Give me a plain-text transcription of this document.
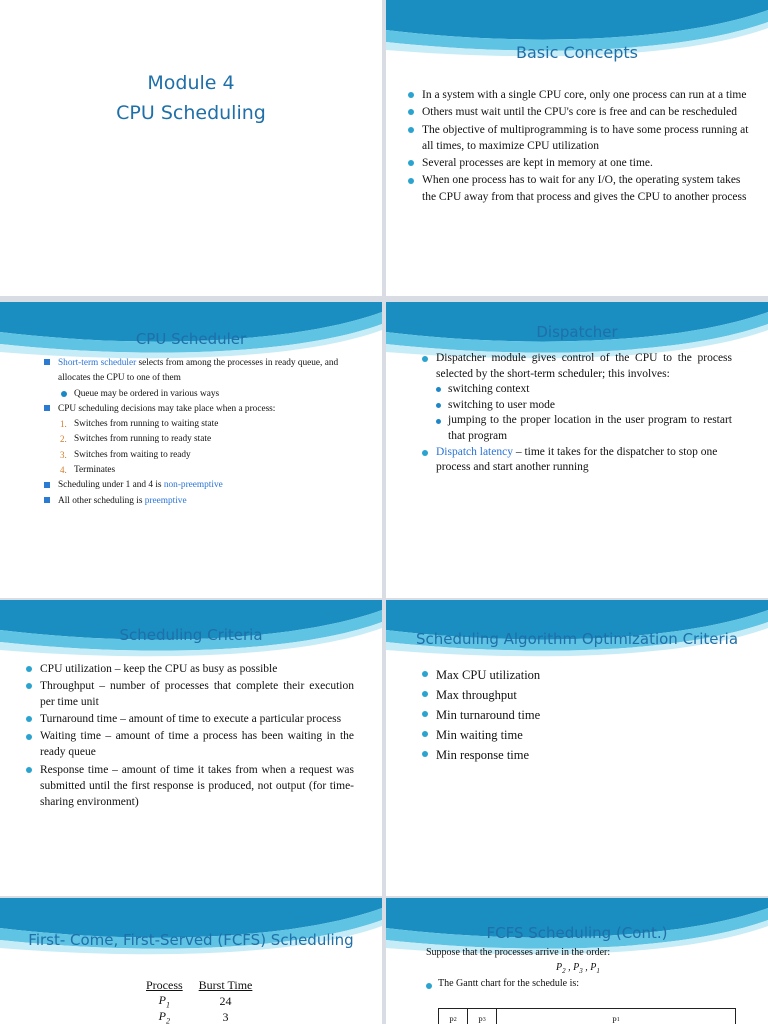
Module 4
CPU Scheduling
Basic Concepts
In a system with a single CPU core, only one process can run at a time
Others must wait until the CPU's core is free and can be rescheduled
The objective of multiprogramming is to have some process running at all times, to maximize CPU utilization
Several processes are kept in memory at one time.
When one process has to wait for any I/O, the operating system takes the CPU away from that process and gives the CPU to another process
CPU Scheduler
Short-term scheduler selects from among the processes in ready queue, and allocates the CPU to one of them
Queue may be ordered in various ways
CPU scheduling decisions may take place when a process:
1. Switches from running to waiting state
2. Switches from running to ready state
3. Switches from waiting to ready
4. Terminates
Scheduling under 1 and 4 is non-preemptive
All other scheduling is preemptive
Dispatcher
Dispatcher module gives control of the CPU to the process selected by the short-term scheduler; this involves:
switching context
switching to user mode
jumping to the proper location in the user program to restart that program
Dispatch latency – time it takes for the dispatcher to stop one process and start another running
Scheduling Criteria
CPU utilization – keep the CPU as busy as possible
Throughput – number of processes that complete their execution per time unit
Turnaround time – amount of time to execute a particular process
Waiting time – amount of time a process has been waiting in the ready queue
Response time – amount of time it takes from when a request was submitted until the first response is produced, not output (for time-sharing environment)
Scheduling Algorithm Optimization Criteria
Max CPU utilization
Max throughput
Min turnaround time
Min waiting time
Min response time
First- Come, First-Served (FCFS) Scheduling
Process	Burst Time
$P_1$	24
$P_2$	3
FCFS Scheduling (Cont.)
Suppose that the processes arrive in the order:
$P_2$ , $P_3$ , $P_1$
The Gantt chart for the schedule is:
P 2	P 3	P 1
